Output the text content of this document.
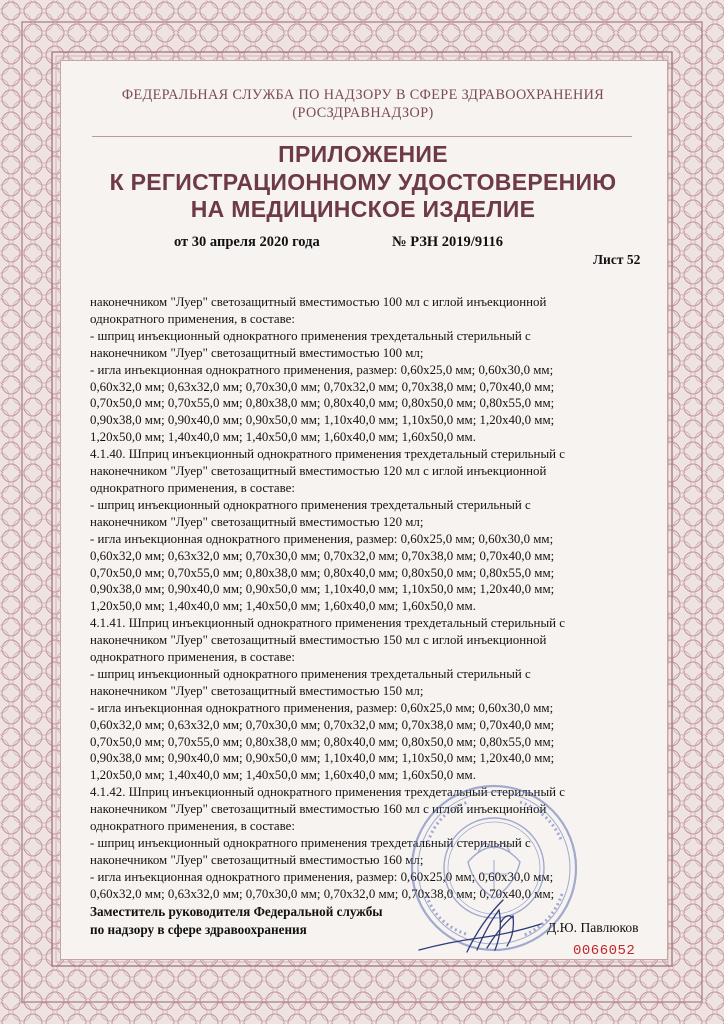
ФЕДЕРАЛЬНАЯ СЛУЖБА ПО НАДЗОРУ В СФЕРЕ ЗДРАВООХРАНЕНИЯ
(РОСЗДРАВНАДЗОР)
ПРИЛОЖЕНИЕ
К РЕГИСТРАЦИОННОМУ УДОСТОВЕРЕНИЮ
НА МЕДИЦИНСКОЕ ИЗДЕЛИЕ
от 30 апреля 2020 года	№ РЗН 2019/9116
Лист 52
наконечником "Луер" светозащитный вместимостью 100 мл с иглой инъекционной
однократного применения, в составе:
- шприц инъекционный однократного применения трехдетальный стерильный с
наконечником "Луер" светозащитный вместимостью 100 мл;
- игла инъекционная однократного применения, размер: 0,60x25,0 мм; 0,60x30,0 мм;
0,60x32,0 мм; 0,63x32,0 мм; 0,70x30,0 мм; 0,70x32,0 мм; 0,70x38,0 мм; 0,70x40,0 мм;
0,70x50,0 мм; 0,70x55,0 мм; 0,80x38,0 мм; 0,80x40,0 мм; 0,80x50,0 мм; 0,80x55,0 мм;
0,90x38,0 мм; 0,90x40,0 мм; 0,90x50,0 мм; 1,10x40,0 мм; 1,10x50,0 мм; 1,20x40,0 мм;
1,20x50,0 мм; 1,40x40,0 мм; 1,40x50,0 мм; 1,60x40,0 мм; 1,60x50,0 мм.
4.1.40. Шприц инъекционный однократного применения трехдетальный стерильный с
наконечником "Луер" светозащитный вместимостью 120 мл с иглой инъекционной
однократного применения, в составе:
- шприц инъекционный однократного применения трехдетальный стерильный с
наконечником "Луер" светозащитный вместимостью 120 мл;
- игла инъекционная однократного применения, размер: 0,60x25,0 мм; 0,60x30,0 мм;
0,60x32,0 мм; 0,63x32,0 мм; 0,70x30,0 мм; 0,70x32,0 мм; 0,70x38,0 мм; 0,70x40,0 мм;
0,70x50,0 мм; 0,70x55,0 мм; 0,80x38,0 мм; 0,80x40,0 мм; 0,80x50,0 мм; 0,80x55,0 мм;
0,90x38,0 мм; 0,90x40,0 мм; 0,90x50,0 мм; 1,10x40,0 мм; 1,10x50,0 мм; 1,20x40,0 мм;
1,20x50,0 мм; 1,40x40,0 мм; 1,40x50,0 мм; 1,60x40,0 мм; 1,60x50,0 мм.
4.1.41. Шприц инъекционный однократного применения трехдетальный стерильный с
наконечником "Луер" светозащитный вместимостью 150 мл с иглой инъекционной
однократного применения, в составе:
- шприц инъекционный однократного применения трехдетальный стерильный с
наконечником "Луер" светозащитный вместимостью 150 мл;
- игла инъекционная однократного применения, размер: 0,60x25,0 мм; 0,60x30,0 мм;
0,60x32,0 мм; 0,63x32,0 мм; 0,70x30,0 мм; 0,70x32,0 мм; 0,70x38,0 мм; 0,70x40,0 мм;
0,70x50,0 мм; 0,70x55,0 мм; 0,80x38,0 мм; 0,80x40,0 мм; 0,80x50,0 мм; 0,80x55,0 мм;
0,90x38,0 мм; 0,90x40,0 мм; 0,90x50,0 мм; 1,10x40,0 мм; 1,10x50,0 мм; 1,20x40,0 мм;
1,20x50,0 мм; 1,40x40,0 мм; 1,40x50,0 мм; 1,60x40,0 мм; 1,60x50,0 мм.
4.1.42. Шприц инъекционный однократного применения трехдетальный стерильный с
наконечником "Луер" светозащитный вместимостью 160 мл с иглой инъекционной
однократного применения, в составе:
- шприц инъекционный однократного применения трехдетальный стерильный с
наконечником "Луер" светозащитный вместимостью 160 мл;
- игла инъекционная однократного применения, размер: 0,60x25,0 мм; 0,60x30,0 мм;
0,60x32,0 мм; 0,63x32,0 мм; 0,70x30,0 мм; 0,70x32,0 мм; 0,70x38,0 мм; 0,70x40,0 мм;
Заместитель руководителя Федеральной службы
по надзору в сфере здравоохранения	Д.Ю. Павлюков
0066052
